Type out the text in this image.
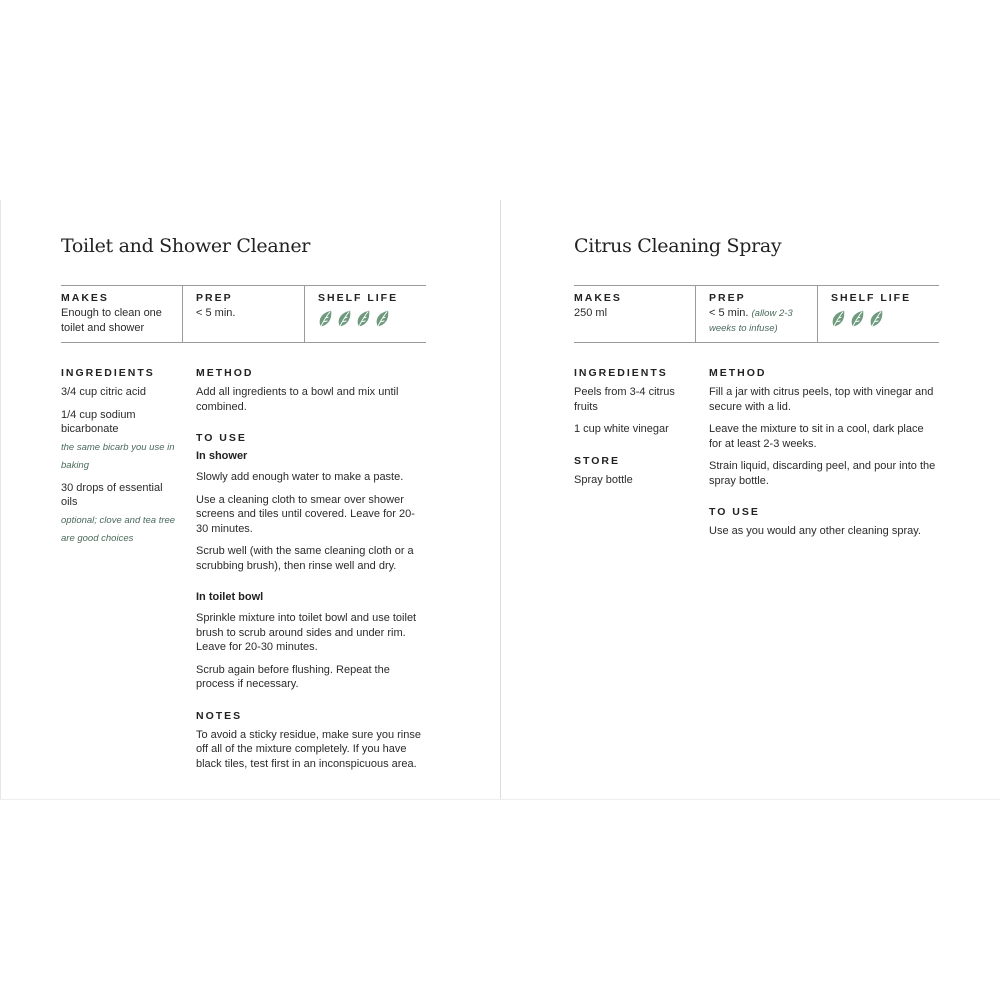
Toilet and Shower Cleaner
MAKES
Enough to clean one toilet and shower
PREP
< 5 min.
SHELF LIFE
INGREDIENTS
3/4 cup citric acid
1/4 cup sodium bicarbonate
the same bicarb you use in baking
30 drops of essential oils
optional; clove and tea tree are good choices
METHOD

Add all ingredients to a bowl and mix until combined.

TO USE

In shower

Slowly add enough water to make a paste.

Use a cleaning cloth to smear over shower screens and tiles until covered. Leave for 20-30 minutes.

Scrub well (with the same cleaning cloth or a scrubbing brush), then rinse well and dry.

In toilet bowl

Sprinkle mixture into toilet bowl and use toilet brush to scrub around sides and under rim. Leave for 20-30 minutes.

Scrub again before flushing. Repeat the process if necessary.

NOTES

To avoid a sticky residue, make sure you rinse off all of the mixture completely. If you have black tiles, test first in an inconspicuous area.

Citrus Cleaning Spray
MAKES
250 ml
PREP
< 5 min. (allow 2-3 weeks to infuse)
SHELF LIFE
INGREDIENTS
Peels from 3-4 citrus fruits
1 cup white vinegar
STORE

Spray bottle

METHOD

Fill a jar with citrus peels, top with vinegar and secure with a lid.

Leave the mixture to sit in a cool, dark place for at least 2-3 weeks.

Strain liquid, discarding peel, and pour into the spray bottle.

TO USE

Use as you would any other cleaning spray.
